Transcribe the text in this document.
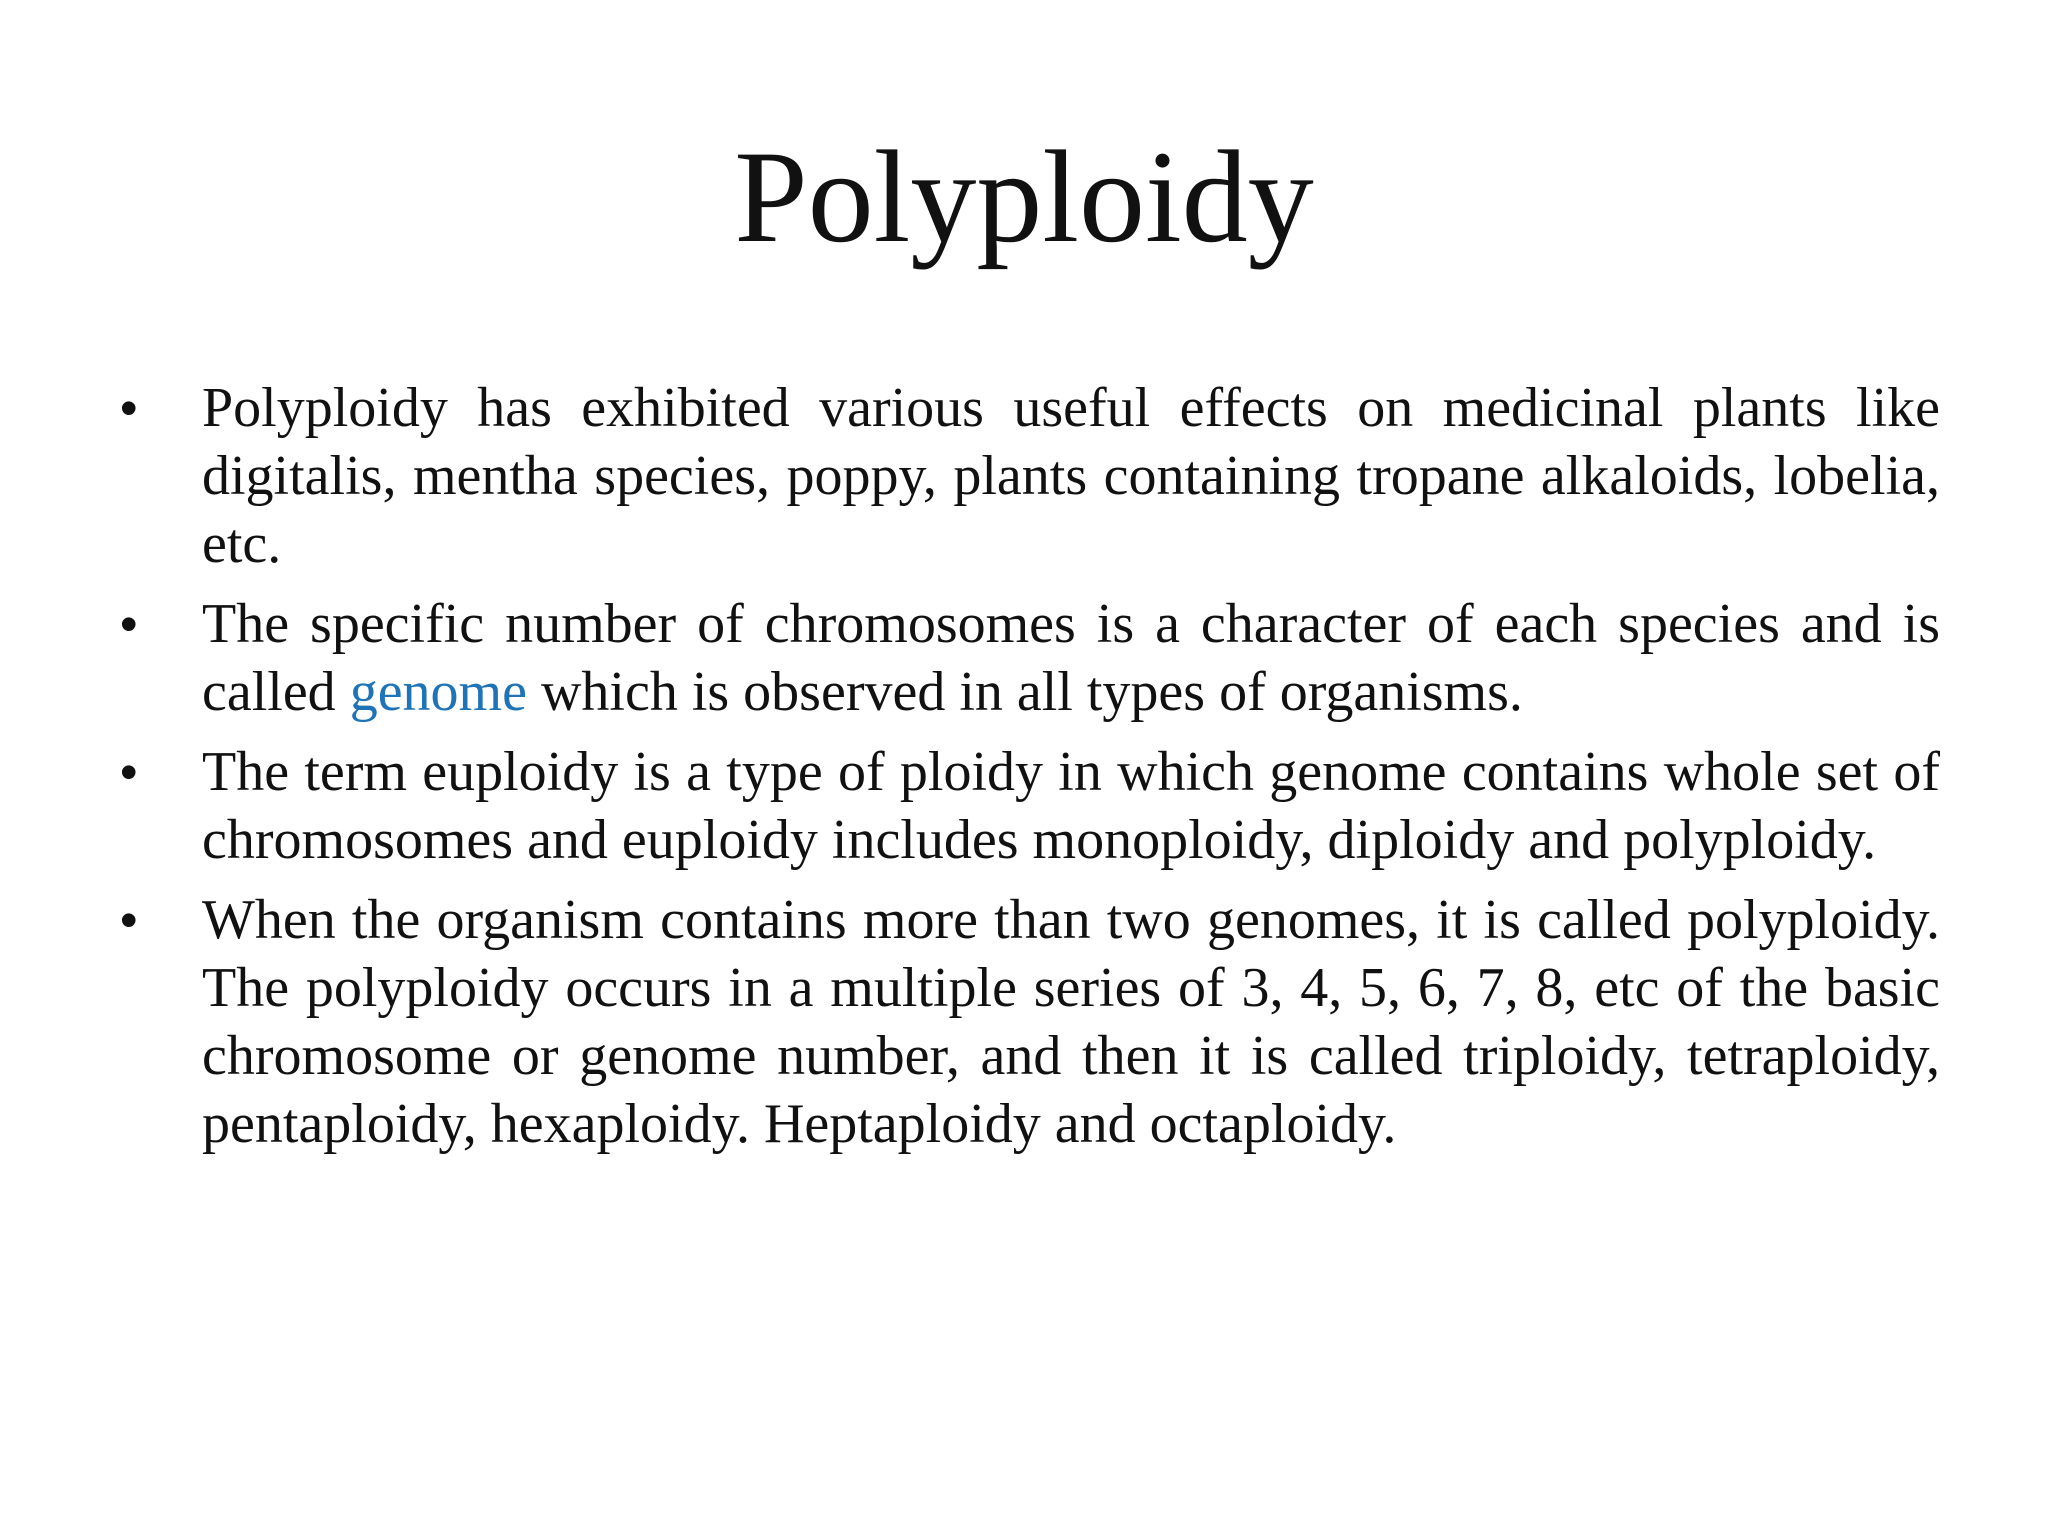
Polyploidy
•	Polyploidy has exhibited various useful effects on medicinal plants like digitalis, mentha species, poppy, plants containing tropane alkaloids, lobelia, etc.
•	The specific number of chromosomes is a character of each species and is called genome which is observed in all types of organisms.
•	The term euploidy is a type of ploidy in which genome contains whole set of chromosomes and euploidy includes monoploidy, diploidy and polyploidy.
•	When the organism contains more than two genomes, it is called polyploidy. The polyploidy occurs in a multiple series of 3, 4, 5, 6, 7, 8, etc of the basic chromosome or genome number, and then it is called triploidy, tetraploidy, pentaploidy, hexaploidy. Heptaploidy and octaploidy.
